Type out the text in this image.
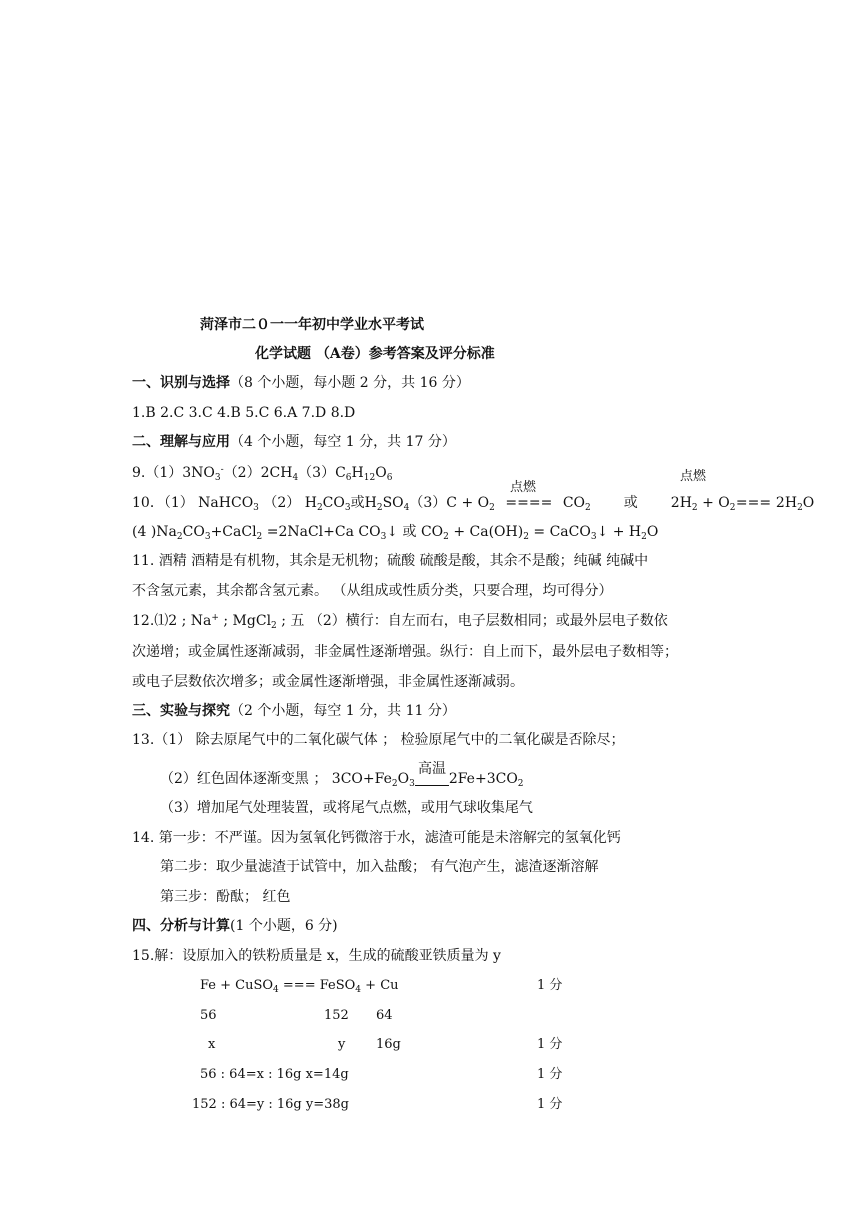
菏泽市二０一一年初中学业水平考试
化学试题 （A卷）参考答案及评分标准
一、识别与选择（8 个小题，每小题 2 分，共 16 分）
1.B 2.C 3.C 4.B 5.C 6.A 7.D 8.D
二、理解与应用（4 个小题，每空 1 分，共 17 分）
$9.(1)3NO_3^-(2)2CH_4(3)C_6H_{12}O_6$
点燃
点燃
10．（1） NaHCO$_3$ （2） $H_2CO_3$或$H_2SO_4(3)C + O_2$ ==== $CO_2$ 或 $2H_2 + O_2=== 2H_2O$
(4 )$Na_2CO_3+CaCl_2$ =2NaCl+Ca $CO_3↓$ 或 $CO_2 + Ca(OH)_2$ = CaCO$_3$↓ + $H_2O$
11. 酒精 酒精是有机物，其余是无机物；硫酸 硫酸是酸，其余不是酸；纯碱 纯碱中
不含氢元素，其余都含氢元素。 （从组成或性质分类，只要合理，均可得分）
12.⑴2 ; Na+ ; MgCl$_2$ ; 五 （2）横行：自左而右，电子层数相同；或最外层电子数依
次递增；或金属性逐渐减弱，非金属性逐渐增强。纵行：自上而下，最外层电子数相等；
或电子层数依次增多；或金属性逐渐增强，非金属性逐渐减弱。
三、实验与探究（2 个小题，每空 1 分，共 11 分）
13.（1） 除去原尾气中的二氧化碳气体 ； 检验原尾气中的二氧化碳是否除尽；
高温
（2）红色固体逐渐变黑 ； $3CO+Fe_2O_3$ $2Fe+3CO_2$
（3）增加尾气处理装置，或将尾气点燃，或用气球收集尾气
14. 第一步：不严谨。因为氢氧化钙微溶于水，滤渣可能是未溶解完的氢氧化钙
第二步：取少量滤渣于试管中，加入盐酸； 有气泡产生，滤渣逐渐溶解
第三步：酚酞； 红色
四、分析与计算(1 个小题，6 分)
15.解：设原加入的铁粉质量是 x，生成的硫酸亚铁质量为 y
Fe + CuSO$_4$ === FeSO$_4$ + Cu	1 分
56	152 64
x	y 16g	1 分
56 : 64=x : 16g x=14g	1 分
152 : 64=y : 16g y=38g	1 分
